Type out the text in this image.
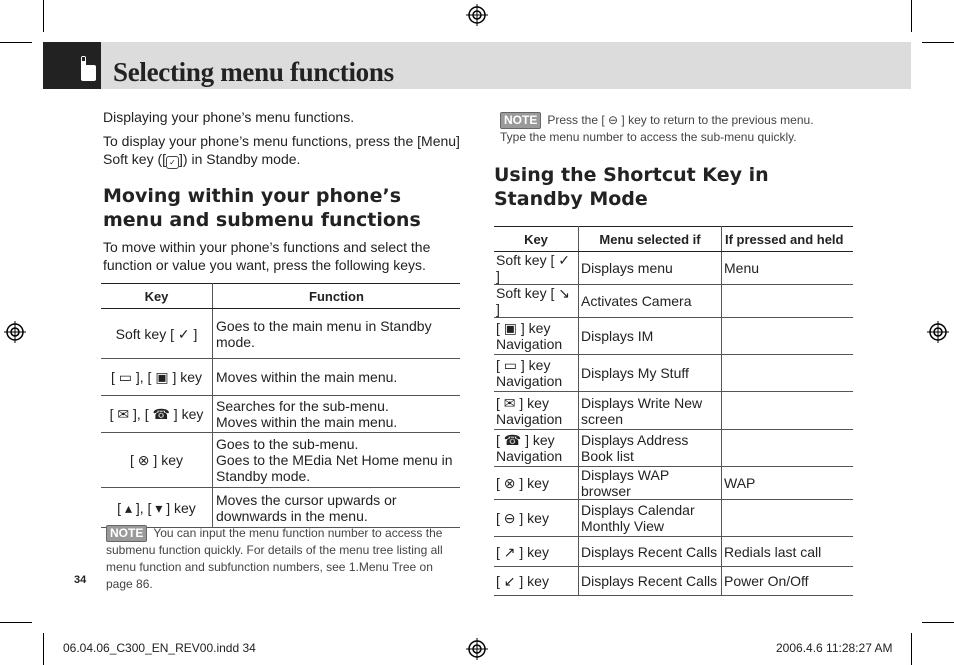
Selecting menu functions
Displaying your phone’s menu functions.
To display your phone’s menu functions, press the [Menu]
Soft key ([ ✓ ]) in Standby mode.
Moving within your phone’s menu and submenu functions
To move within your phone’s functions and select the
function or value you want, press the following keys.
Key	Function
Soft key [ ✓ ]	Goes to the main menu in Standby mode.
[ ▭ ], [ ▣ ] key	Moves within the main menu.
[ ✉ ], [ ☎ ] key	Searches for the sub-menu.
Moves within the main menu.
[ ⊗ ] key	Goes to the sub-menu.
Goes to the MEdia Net Home menu in Standby mode.
[ ▴ ], [ ▾ ] key	Moves the cursor upwards or downwards in the menu.
NOTE You can input the menu function number to access the submenu function quickly. For details of the menu tree listing all menu function and subfunction numbers, see 1.Menu Tree on page 86.
34
NOTE Press the [ ⊖ ] key to return to the previous menu.
Type the menu number to access the sub-menu quickly.
Using the Shortcut Key in Standby Mode
Key	Menu selected if	If pressed and held
Soft key [ ✓ ]	Displays menu	Menu
Soft key [ ↘ ]	Activates Camera	
[ ▣ ] key Navigation	Displays IM	
[ ▭ ] key Navigation	Displays My Stuff	
[ ✉ ] key Navigation	Displays Write New screen	
[ ☎ ] key Navigation	Displays Address Book list	
[ ⊗ ] key	Displays WAP browser	WAP
[ ⊖ ] key	Displays Calendar Monthly View	
[ ↗ ] key	Displays Recent Calls	Redials last call
[ ↙ ] key	Displays Recent Calls	Power On/Off
06.04.06_C300_EN_REV00.indd 34	2006.4.6 11:28:27 AM
